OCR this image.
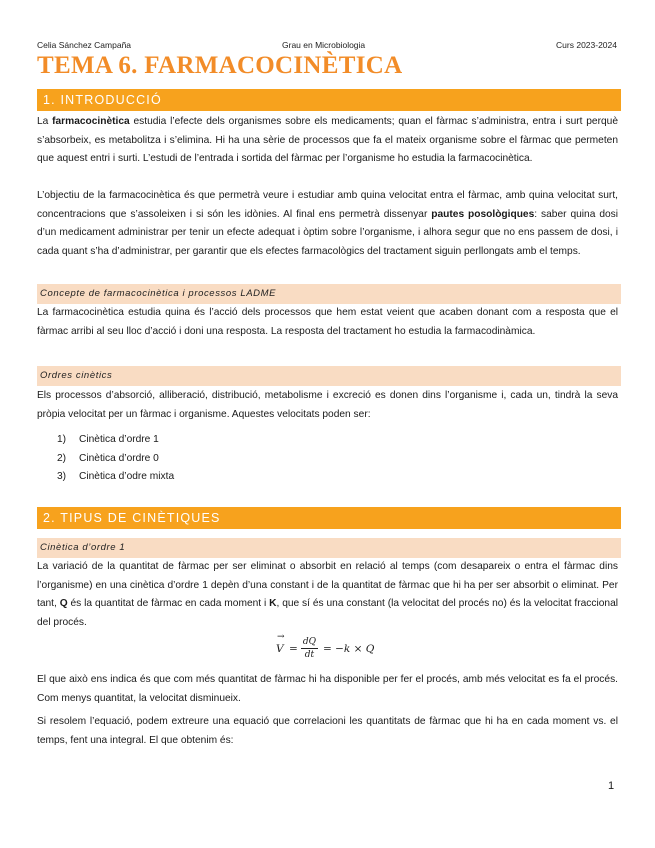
Celia Sánchez Campaña	Grau en Microbiologia	Curs 2023-2024
TEMA 6. FARMACOCINÈTICA
1. INTRODUCCIÓ

La farmacocinètica estudia l’efecte dels organismes sobre els medicaments; quan el fàrmac s’administra, entra i surt perquè s’absorbeix, es metabolitza i s’elimina. Hi ha una sèrie de processos que fa el mateix organisme sobre el fàrmac que permeten que aquest entri i surti. L’estudi de l’entrada i sortida del fàrmac per l’organisme ho estudia la farmacocinètica.

L’objectiu de la farmacocinètica és que permetrà veure i estudiar amb quina velocitat entra el fàrmac, amb quina velocitat surt, concentracions que s’assoleixen i si són les idònies. Al final ens permetrà dissenyar pautes posològiques: saber quina dosi d’un medicament administrar per tenir un efecte adequat i òptim sobre l’organisme, i alhora segur que no ens passem de dosi, i cada quant s’ha d’administrar, per garantir que els efectes farmacològics del tractament siguin perllongats amb el temps.

Concepte de farmacocinètica i processos LADME

La farmacocinètica estudia quina és l’acció dels processos que hem estat veient que acaben donant com a resposta que el fàrmac arribi al seu lloc d’acció i doni una resposta. La resposta del tractament ho estudia la farmacodinàmica.

Ordres cinètics

Els processos d’absorció, alliberació, distribució, metabolisme i excreció es donen dins l’organisme i, cada un, tindrà la seva pròpia velocitat per un fàrmac i organisme. Aquestes velocitats poden ser:

1) Cinètica d’ordre 1
2) Cinètica d’ordre 0
3) Cinètica d’odre mixta
2. TIPUS DE CINÈTIQUES
Cinètica d’ordre 1

La variació de la quantitat de fàrmac per ser eliminat o absorbit en relació al temps (com desapareix o entra el fàrmac dins l’organisme) en una cinètica d’ordre 1 depèn d’una constant i de la quantitat de fàrmac que hi ha per ser absorbit o eliminat. Per tant, Q és la quantitat de fàrmac en cada moment i K, que sí és una constant (la velocitat del procés no) és la velocitat fraccional del procés.

→
V =
dQ
dt = −k × Q

El que això ens indica és que com més quantitat de fàrmac hi ha disponible per fer el procés, amb més velocitat es fa el procés. Com menys quantitat, la velocitat disminueix.

Si resolem l’equació, podem extreure una equació que correlacioni les quantitats de fàrmac que hi ha en cada moment vs. el temps, fent una integral. El que obtenim és:

1
